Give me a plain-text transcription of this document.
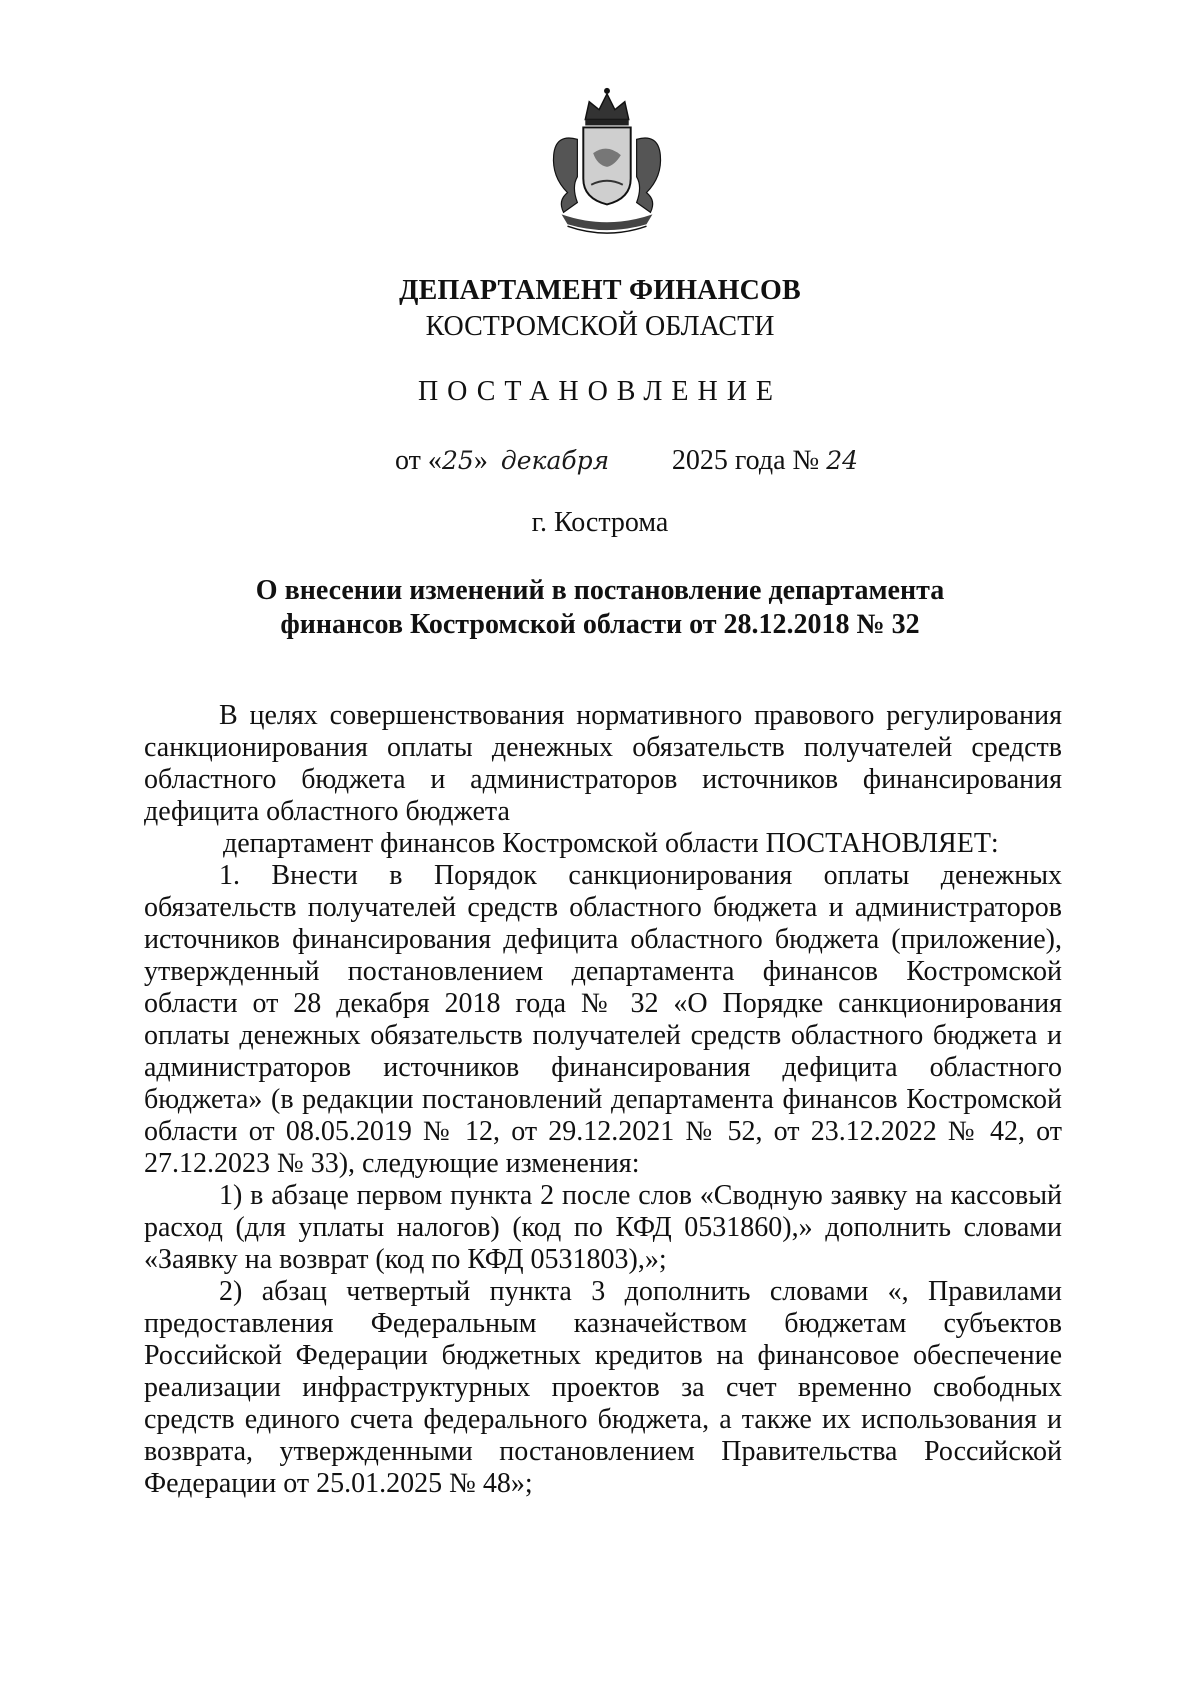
ДЕПАРТАМЕНТ ФИНАНСОВ
КОСТРОМСКОЙ ОБЛАСТИ
ПОСТАНОВЛЕНИЕ
от «25» декабря 2025 года № 24
г. Кострома
О внесении изменений в постановление департамента
финансов Костромской области от 28.12.2018 № 32

В целях совершенствования нормативного правового регулирования санкционирования оплаты денежных обязательств получателей средств областного бюджета и администраторов источников финансирования дефицита областного бюджета

департамент финансов Костромской области ПОСТАНОВЛЯЕТ:

1. Внести в Порядок санкционирования оплаты денежных обязательств получателей средств областного бюджета и администраторов источников финансирования дефицита областного бюджета (приложение), утвержденный постановлением департамента финансов Костромской области от 28 декабря 2018 года № 32 «О Порядке санкционирования оплаты денежных обязательств получателей средств областного бюджета и администраторов источников финансирования дефицита областного бюджета» (в редакции постановлений департамента финансов Костромской области от 08.05.2019 № 12, от 29.12.2021 № 52, от 23.12.2022 № 42, от 27.12.2023 № 33), следующие изменения:

1) в абзаце первом пункта 2 после слов «Сводную заявку на кассовый расход (для уплаты налогов) (код по КФД 0531860),» дополнить словами «Заявку на возврат (код по КФД 0531803),»;

2) абзац четвертый пункта 3 дополнить словами «, Правилами предоставления Федеральным казначейством бюджетам субъектов Российской Федерации бюджетных кредитов на финансовое обеспечение реализации инфраструктурных проектов за счет временно свободных средств единого счета федерального бюджета, а также их использования и возврата, утвержденными постановлением Правительства Российской Федерации от 25.01.2025 № 48»;
